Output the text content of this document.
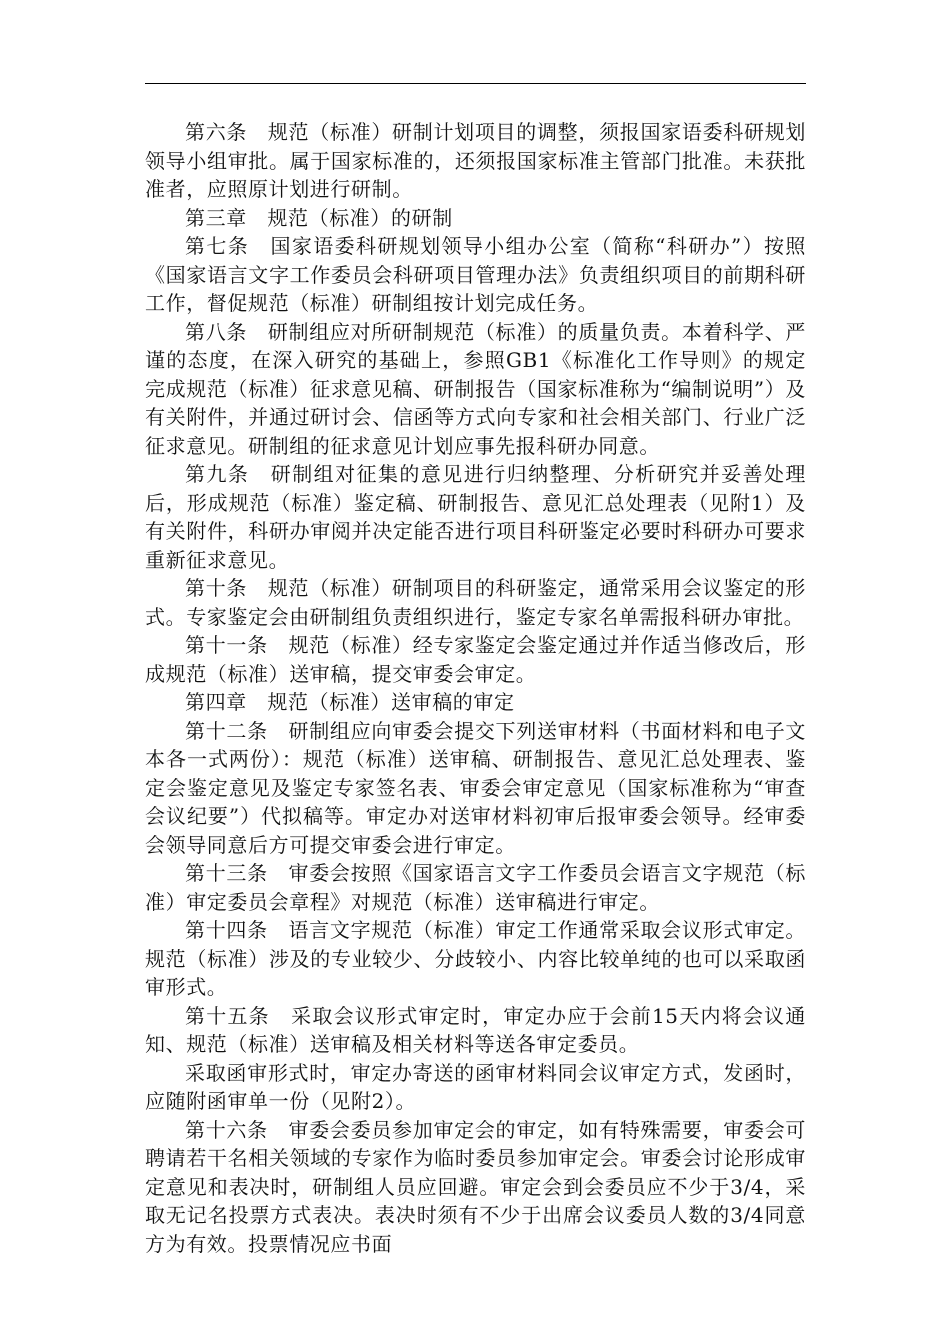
第六条　规范（标准）研制计划项目的调整，须报国家语委科研规划领导小组审批。属于国家标准的，还须报国家标准主管部门批准。未获批准者，应照原计划进行研制。

第三章　规范（标准）的研制

第七条　国家语委科研规划领导小组办公室（简称“科研办”）按照《国家语言文字工作委员会科研项目管理办法》负责组织项目的前期科研工作，督促规范（标准）研制组按计划完成任务。

第八条　研制组应对所研制规范（标准）的质量负责。本着科学、严谨的态度，在深入研究的基础上，参照GB1《标准化工作导则》的规定完成规范（标准）征求意见稿、研制报告（国家标准称为“编制说明”）及有关附件，并通过研讨会、信函等方式向专家和社会相关部门、行业广泛征求意见。研制组的征求意见计划应事先报科研办同意。

第九条　研制组对征集的意见进行归纳整理、分析研究并妥善处理后，形成规范（标准）鉴定稿、研制报告、意见汇总处理表（见附1）及有关附件，科研办审阅并决定能否进行项目科研鉴定必要时科研办可要求重新征求意见。

第十条　规范（标准）研制项目的科研鉴定，通常采用会议鉴定的形式。专家鉴定会由研制组负责组织进行，鉴定专家名单需报科研办审批。

第十一条　规范（标准）经专家鉴定会鉴定通过并作适当修改后，形成规范（标准）送审稿，提交审委会审定。

第四章　规范（标准）送审稿的审定

第十二条　研制组应向审委会提交下列送审材料（书面材料和电子文本各一式两份）：规范（标准）送审稿、研制报告、意见汇总处理表、鉴定会鉴定意见及鉴定专家签名表、审委会审定意见（国家标准称为“审查会议纪要”）代拟稿等。审定办对送审材料初审后报审委会领导。经审委会领导同意后方可提交审委会进行审定。

第十三条　审委会按照《国家语言文字工作委员会语言文字规范（标准）审定委员会章程》对规范（标准）送审稿进行审定。

第十四条　语言文字规范（标准）审定工作通常采取会议形式审定。规范（标准）涉及的专业较少、分歧较小、内容比较单纯的也可以采取函审形式。

第十五条　采取会议形式审定时，审定办应于会前15天内将会议通知、规范（标准）送审稿及相关材料等送各审定委员。

采取函审形式时，审定办寄送的函审材料同会议审定方式，发函时，应随附函审单一份（见附2）。

第十六条　审委会委员参加审定会的审定，如有特殊需要，审委会可聘请若干名相关领域的专家作为临时委员参加审定会。审委会讨论形成审定意见和表决时，研制组人员应回避。审定会到会委员应不少于3/4，采取无记名投票方式表决。表决时须有不少于出席会议委员人数的3/4同意方为有效。投票情况应书面
